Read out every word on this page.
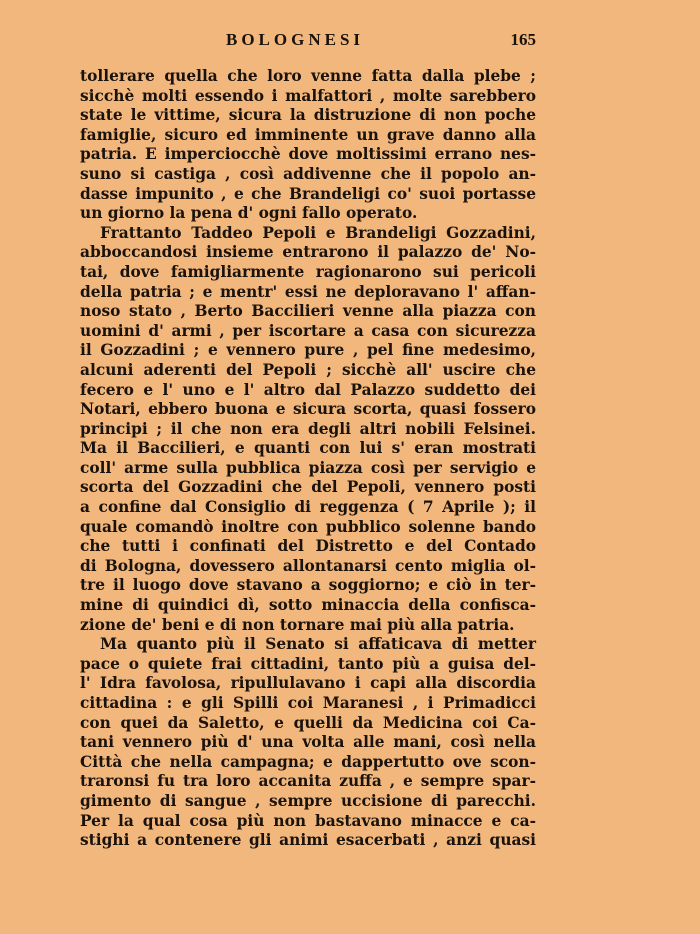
BOLOGNESI	165
tollerare quella che loro venne fatta dalla plebe ;
sicchè molti essendo i malfattori , molte sarebbero
state le vittime, sicura la distruzione di non poche
famiglie, sicuro ed imminente un grave danno alla
patria. E imperciocchè dove moltissimi errano nes-
suno si castiga , così addivenne che il popolo an-
dasse impunito , e che Brandeligi co' suoi portasse
un giorno la pena d' ogni fallo operato.
Frattanto Taddeo Pepoli e Brandeligi Gozzadini,
abboccandosi insieme entrarono il palazzo de' No-
tai, dove famigliarmente ragionarono sui pericoli
della patria ; e mentr' essi ne deploravano l' affan-
noso stato , Berto Baccilieri venne alla piazza con
uomini d' armi , per iscortare a casa con sicurezza
il Gozzadini ; e vennero pure , pel fine medesimo,
alcuni aderenti del Pepoli ; sicchè all' uscire che
fecero e l' uno e l' altro dal Palazzo suddetto dei
Notari, ebbero buona e sicura scorta, quasi fossero
principi ; il che non era degli altri nobili Felsinei.
Ma il Baccilieri, e quanti con lui s' eran mostrati
coll' arme sulla pubblica piazza così per servigio e
scorta del Gozzadini che del Pepoli, vennero posti
a confine dal Consiglio di reggenza ( 7 Aprile ); il
quale comandò inoltre con pubblico solenne bando
che tutti i confinati del Distretto e del Contado
di Bologna, dovessero allontanarsi cento miglia ol-
tre il luogo dove stavano a soggiorno; e ciò in ter-
mine di quindici dì, sotto minaccia della confisca-
zione de' beni e di non tornare mai più alla patria.
Ma quanto più il Senato si affaticava di metter
pace o quiete frai cittadini, tanto più a guisa del-
l' Idra favolosa, ripullulavano i capi alla discordia
cittadina : e gli Spilli coi Maranesi , i Primadicci
con quei da Saletto, e quelli da Medicina coi Ca-
tani vennero più d' una volta alle mani, così nella
Città che nella campagna; e dappertutto ove scon-
traronsi fu tra loro accanita zuffa , e sempre spar-
gimento di sangue , sempre uccisione di parecchi.
Per la qual cosa più non bastavano minacce e ca-
stighi a contenere gli animi esacerbati , anzi quasi
